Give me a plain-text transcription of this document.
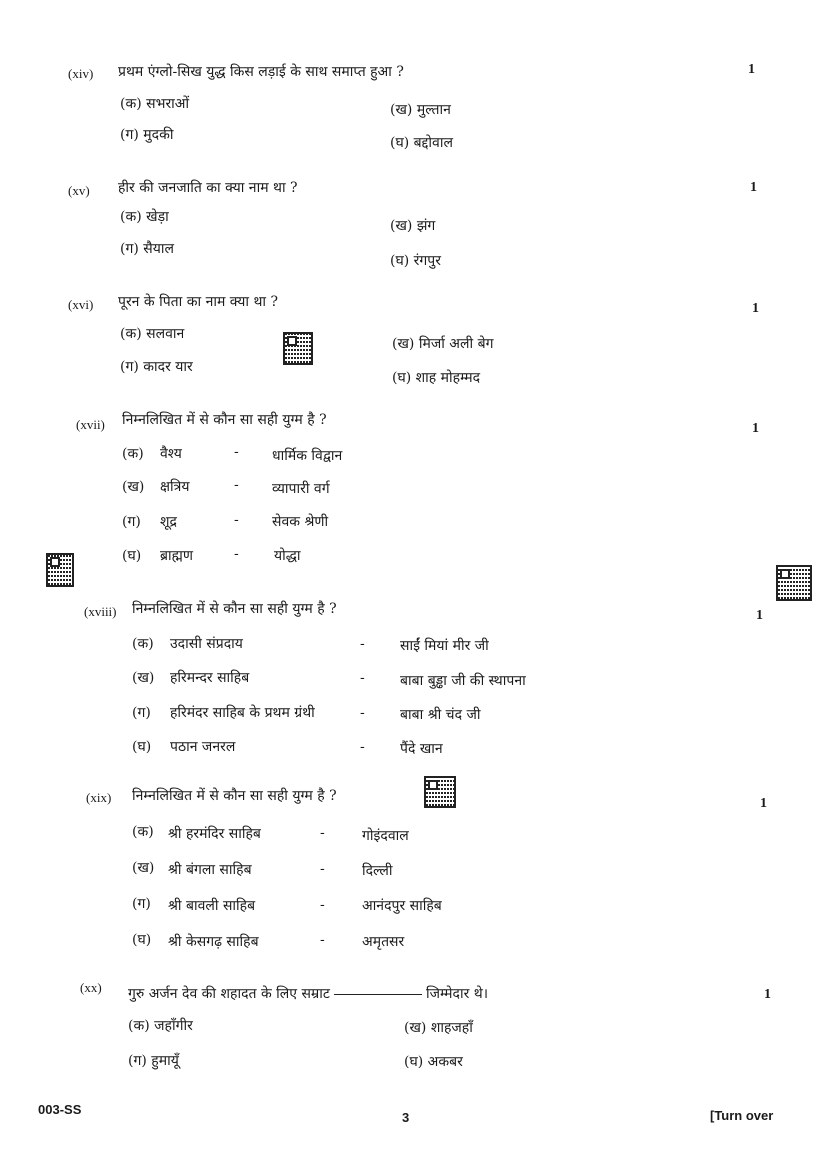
(xiv) प्रथम एंग्लो-सिख युद्ध किस लड़ाई के साथ समाप्त हुआ ?	1
(क) सभराओं	(ख) मुल्तान
(ग) मुदकी	(घ) बद्दोवाल
(xv) हीर की जनजाति का क्या नाम था ?	1
(क) खेड़ा
(ख) झंग
(ग) सैयाल
(घ) रंगपुर
(xvi) पूरन के पिता का नाम क्या था ?	1
(क) सलवान
(ख) मिर्जा अली बेग
(ग) कादर यार
(घ) शाह मोहम्मद
(xvii) निम्नलिखित में से कौन सा सही युग्म है ?
1
(क) वैश्य	- धार्मिक विद्वान
(ख) क्षत्रिय	- व्यापारी वर्ग
(ग) शूद्र	- सेवक श्रेणी
(घ) ब्राह्मण	-	योद्धा
(xviii) निम्नलिखित में से कौन सा सही युग्म है ?	1
(क) उदासी संप्रदाय	-	साईं मियां मीर जी
(ख) हरिमन्दर साहिब	-	बाबा बुड्ढा जी की स्थापना
(ग) हरिमंदर साहिब के प्रथम ग्रंथी	-	बाबा श्री चंद जी
(घ) पठान जनरल	-	पैंदे खान
(xix) निम्नलिखित में से कौन सा सही युग्म है ?	1
(क) श्री हरमंदिर साहिब	-	गोइंदवाल
(ख) श्री बंगला साहिब	-	दिल्ली
(ग) श्री बावली साहिब	-	आनंदपुर साहिब
(घ) श्री केसगढ़ साहिब	-	अमृतसर
(xx) गुरु अर्जन देव की शहादत के लिए सम्राट	जिम्मेदार थे।	1
(क) जहाँगीर	(ख) शाहजहाँ
(ग) हुमायूँ	(घ) अकबर
003-SS
3	[Turn over
